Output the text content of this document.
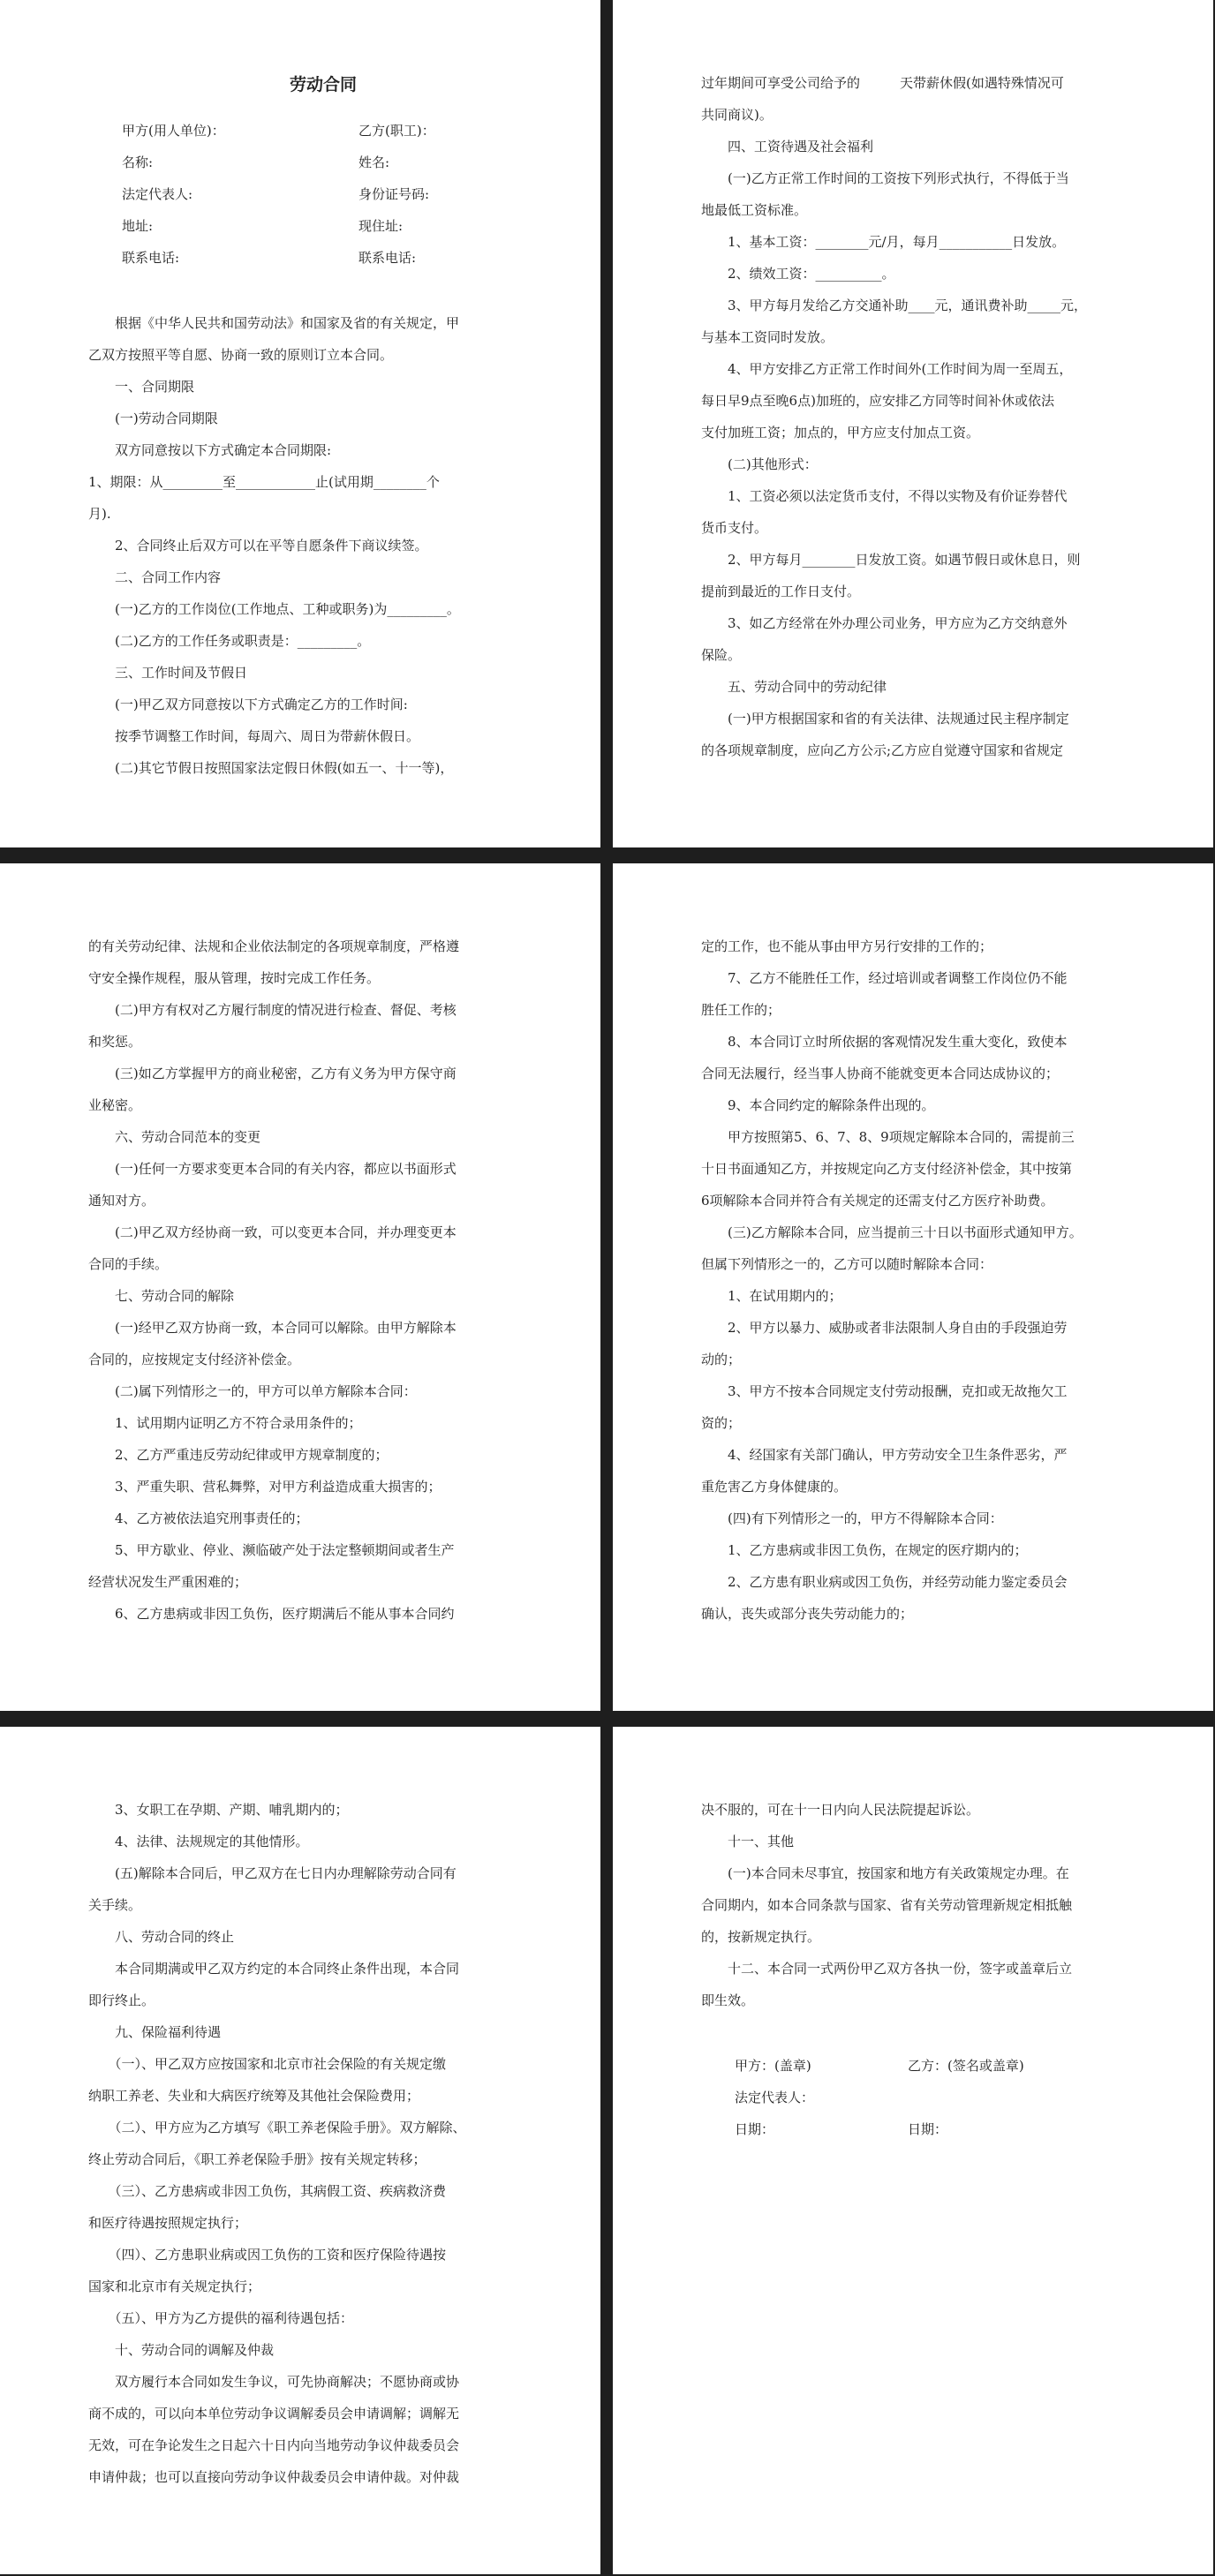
劳动合同

甲方(用人单位)：	乙方(职工)：

名称:	姓名:

法定代表人:	身份证号码:

地址:	现住址:

联系电话:	联系电话:

　　根据《中华人民共和国劳动法》和国家及省的有关规定，甲

乙双方按照平等自愿、协商一致的原则订立本合同。

　　一、合同期限

　　(一)劳动合同期限

　　双方同意按以下方式确定本合同期限:

1、期限：从_________至____________止(试用期________个

月).

　　2、合同终止后双方可以在平等自愿条件下商议续签。

　　二、合同工作内容

　　(一)乙方的工作岗位(工作地点、工种或职务)为_________。

　　(二)乙方的工作任务或职责是：_________。

　　三、工作时间及节假日

　　(一)甲乙双方同意按以下方式确定乙方的工作时间:

　　按季节调整工作时间，每周六、周日为带薪休假日。

　　(二)其它节假日按照国家法定假日休假(如五一、十一等)，

过年期间可享受公司给予的　　　天带薪休假(如遇特殊情况可

共同商议)。

　　四、工资待遇及社会福利

　　(一)乙方正常工作时间的工资按下列形式执行，不得低于当

地最低工资标准。

　　1、基本工资：________元/月，每月___________日发放。

　　2、绩效工资：__________。

　　3、甲方每月发给乙方交通补助____元，通讯费补助_____元，

与基本工资同时发放。

　　4、甲方安排乙方正常工作时间外(工作时间为周一至周五，

每日早9点至晚6点)加班的，应安排乙方同等时间补休或依法

支付加班工资；加点的，甲方应支付加点工资。

　　(二)其他形式：

　　1、工资必须以法定货币支付，不得以实物及有价证券替代

货币支付。

　　2、甲方每月________日发放工资。如遇节假日或休息日，则

提前到最近的工作日支付。

　　3、如乙方经常在外办理公司业务，甲方应为乙方交纳意外

保险。

　　五、劳动合同中的劳动纪律

　　(一)甲方根据国家和省的有关法律、法规通过民主程序制定

的各项规章制度，应向乙方公示;乙方应自觉遵守国家和省规定

的有关劳动纪律、法规和企业依法制定的各项规章制度，严格遵

守安全操作规程，服从管理，按时完成工作任务。

　　(二)甲方有权对乙方履行制度的情况进行检查、督促、考核

和奖惩。

　　(三)如乙方掌握甲方的商业秘密，乙方有义务为甲方保守商

业秘密。

　　六、劳动合同范本的变更

　　(一)任何一方要求变更本合同的有关内容，都应以书面形式

通知对方。

　　(二)甲乙双方经协商一致，可以变更本合同，并办理变更本

合同的手续。

　　七、劳动合同的解除

　　(一)经甲乙双方协商一致，本合同可以解除。由甲方解除本

合同的，应按规定支付经济补偿金。

　　(二)属下列情形之一的，甲方可以单方解除本合同：

　　1、试用期内证明乙方不符合录用条件的；

　　2、乙方严重违反劳动纪律或甲方规章制度的；

　　3、严重失职、营私舞弊，对甲方利益造成重大损害的；

　　4、乙方被依法追究刑事责任的；

　　5、甲方歇业、停业、濒临破产处于法定整顿期间或者生产

经营状况发生严重困难的；

　　6、乙方患病或非因工负伤，医疗期满后不能从事本合同约

定的工作，也不能从事由甲方另行安排的工作的；

　　7、乙方不能胜任工作，经过培训或者调整工作岗位仍不能

胜任工作的；

　　8、本合同订立时所依据的客观情况发生重大变化，致使本

合同无法履行，经当事人协商不能就变更本合同达成协议的；

　　9、本合同约定的解除条件出现的。

　　甲方按照第5、6、7、8、9项规定解除本合同的，需提前三

十日书面通知乙方，并按规定向乙方支付经济补偿金，其中按第

6项解除本合同并符合有关规定的还需支付乙方医疗补助费。

　　(三)乙方解除本合同，应当提前三十日以书面形式通知甲方。

但属下列情形之一的，乙方可以随时解除本合同：

　　1、在试用期内的；

　　2、甲方以暴力、威胁或者非法限制人身自由的手段强迫劳

动的；

　　3、甲方不按本合同规定支付劳动报酬，克扣或无故拖欠工

资的；

　　4、经国家有关部门确认，甲方劳动安全卫生条件恶劣，严

重危害乙方身体健康的。

　　(四)有下列情形之一的，甲方不得解除本合同：

　　1、乙方患病或非因工负伤，在规定的医疗期内的；

　　2、乙方患有职业病或因工负伤，并经劳动能力鉴定委员会

确认，丧失或部分丧失劳动能力的；

　　3、女职工在孕期、产期、哺乳期内的；

　　4、法律、法规规定的其他情形。

　　(五)解除本合同后，甲乙双方在七日内办理解除劳动合同有

关手续。

　　八、劳动合同的终止

　　本合同期满或甲乙双方约定的本合同终止条件出现，本合同

即行终止。

　　九、保险福利待遇

　　（一）、甲乙双方应按国家和北京市社会保险的有关规定缴

纳职工养老、失业和大病医疗统筹及其他社会保险费用；

　　（二）、甲方应为乙方填写《职工养老保险手册》。双方解除、

终止劳动合同后，《职工养老保险手册》按有关规定转移；

　　（三）、乙方患病或非因工负伤，其病假工资、疾病救济费

和医疗待遇按照规定执行；

　　（四）、乙方患职业病或因工负伤的工资和医疗保险待遇按

国家和北京市有关规定执行；

　　（五）、甲方为乙方提供的福利待遇包括：

　　十、劳动合同的调解及仲裁

　　双方履行本合同如发生争议，可先协商解决；不愿协商或协

商不成的，可以向本单位劳动争议调解委员会申请调解；调解无

无效，可在争论发生之日起六十日内向当地劳动争议仲裁委员会

申请仲裁；也可以直接向劳动争议仲裁委员会申请仲裁。对仲裁

决不服的，可在十一日内向人民法院提起诉讼。

　　十一、其他

　　(一)本合同未尽事宜，按国家和地方有关政策规定办理。在

合同期内，如本合同条款与国家、省有关劳动管理新规定相抵触

的，按新规定执行。

　　十二、本合同一式两份甲乙双方各执一份，签字或盖章后立

即生效。

甲方：(盖章)	乙方：(签名或盖章)

法定代表人：

日期：	日期：
